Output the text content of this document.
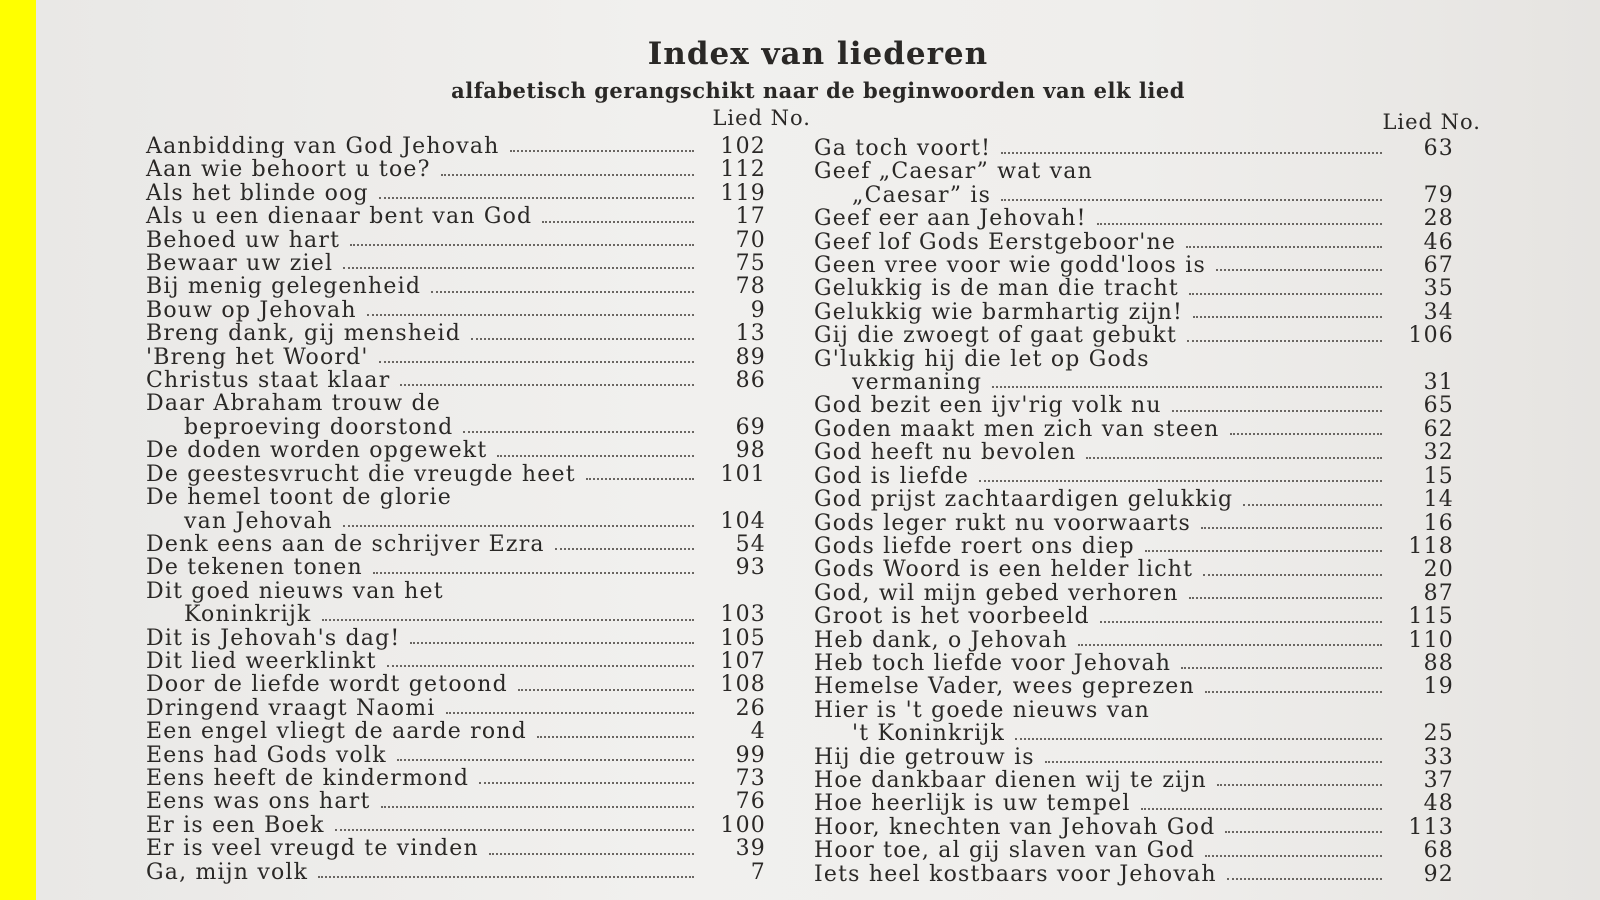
Index van liederen
alfabetisch gerangschikt naar de beginwoorden van elk lied
Lied No.	Lied No.
Aanbidding van God Jehovah	102
Aan wie behoort u toe?	112
Als het blinde oog	119
Als u een dienaar bent van God	17
Behoed uw hart	70
Bewaar uw ziel	75
Bij menig gelegenheid	78
Bouw op Jehovah	9
Breng dank, gij mensheid	13
'Breng het Woord'	89
Christus staat klaar	86
Daar Abraham trouw de
beproeving doorstond	69
De doden worden opgewekt	98
De geestesvrucht die vreugde heet	101
De hemel toont de glorie
van Jehovah	104
Denk eens aan de schrijver Ezra	54
De tekenen tonen	93
Dit goed nieuws van het
Koninkrijk	103
Dit is Jehovah's dag!	105
Dit lied weerklinkt	107
Door de liefde wordt getoond	108
Dringend vraagt Naomi	26
Een engel vliegt de aarde rond	4
Eens had Gods volk	99
Eens heeft de kindermond	73
Eens was ons hart	76
Er is een Boek	100
Er is veel vreugd te vinden	39
Ga, mijn volk	7
Ga toch voort!	63
Geef „Caesar” wat van
„Caesar” is	79
Geef eer aan Jehovah!	28
Geef lof Gods Eerstgeboor'ne	46
Geen vree voor wie godd'loos is	67
Gelukkig is de man die tracht	35
Gelukkig wie barmhartig zijn!	34
Gij die zwoegt of gaat gebukt	106
G'lukkig hij die let op Gods
vermaning	31
God bezit een ijv'rig volk nu	65
Goden maakt men zich van steen	62
God heeft nu bevolen	32
God is liefde	15
God prijst zachtaardigen gelukkig	14
Gods leger rukt nu voorwaarts	16
Gods liefde roert ons diep	118
Gods Woord is een helder licht	20
God, wil mijn gebed verhoren	87
Groot is het voorbeeld	115
Heb dank, o Jehovah	110
Heb toch liefde voor Jehovah	88
Hemelse Vader, wees geprezen	19
Hier is 't goede nieuws van
't Koninkrijk	25
Hij die getrouw is	33
Hoe dankbaar dienen wij te zijn	37
Hoe heerlijk is uw tempel	48
Hoor, knechten van Jehovah God	113
Hoor toe, al gij slaven van God	68
Iets heel kostbaars voor Jehovah	92
